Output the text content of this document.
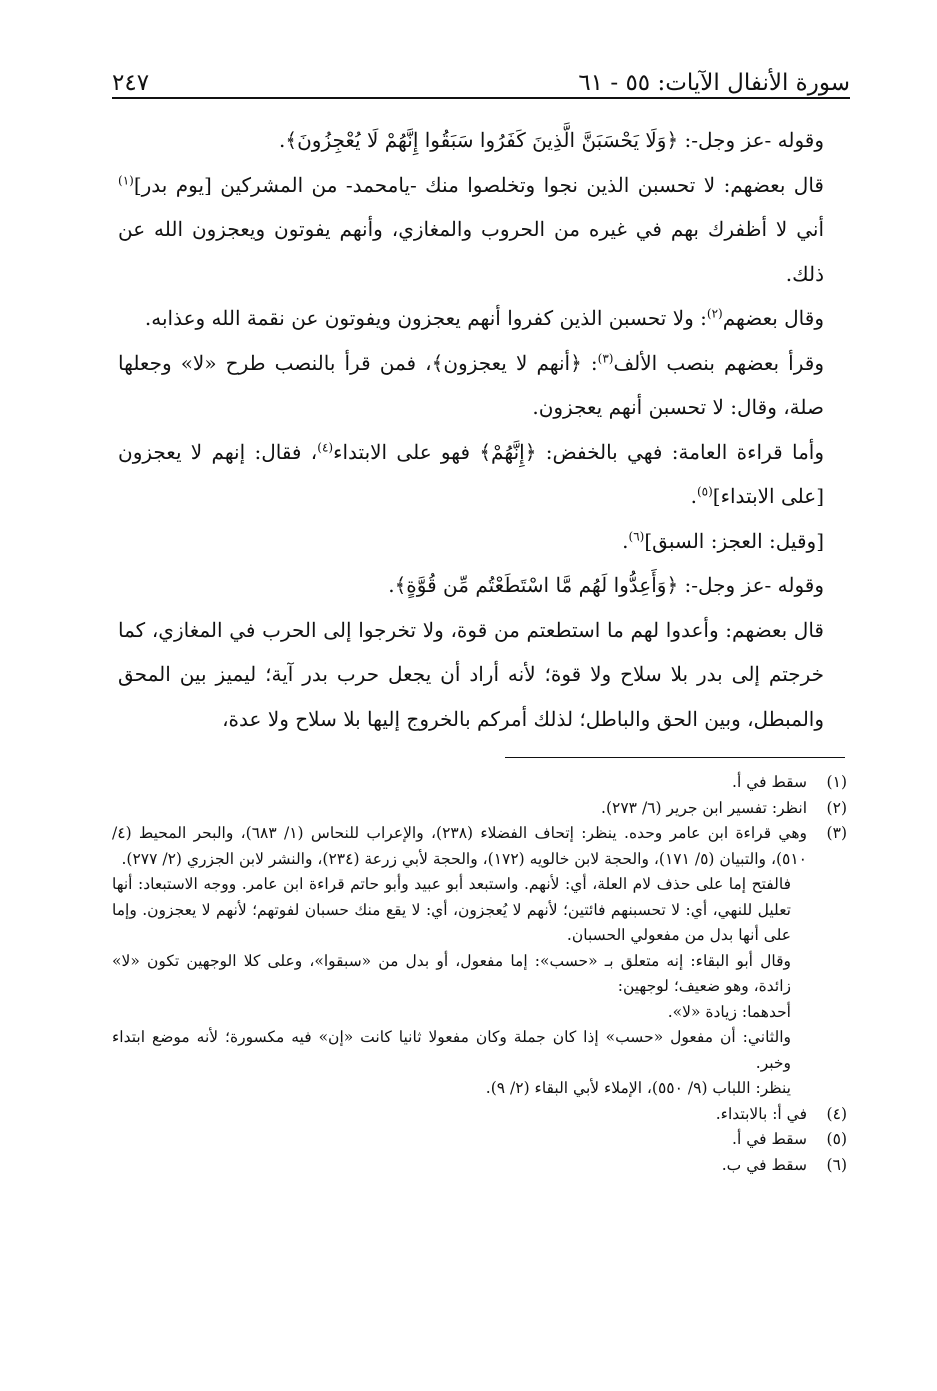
سورة الأنفال الآيات: ٥٥ - ٦١
٢٤٧

وقوله -عز وجل-: ﴿وَلَا يَحْسَبَنَّ الَّذِينَ كَفَرُوا سَبَقُوا إِنَّهُمْ لَا يُعْجِزُونَ﴾.

قال بعضهم: لا تحسبن الذين نجوا وتخلصوا منك -يامحمد- من المشركين [يوم بدر]$^{(١)}$ أني لا أظفرك بهم في غيره من الحروب والمغازي، وأنهم يفوتون ويعجزون الله عن ذلك.

وقال بعضهم$^{(٢)}$: ولا تحسبن الذين كفروا أنهم يعجزون ويفوتون عن نقمة الله وعذابه.

وقرأ بعضهم بنصب الألف$^{(٣)}$: ﴿أنهم لا يعجزون﴾، فمن قرأ بالنصب طرح «لا» وجعلها صلة، وقال: لا تحسبن أنهم يعجزون.

وأما قراءة العامة: فهي بالخفض: ﴿إِنَّهُمْ﴾ فهو على الابتداء$^{(٤)}$، فقال: إنهم لا يعجزون [على الابتداء]$^{(٥)}$.

[وقيل: العجز: السبق]$^{(٦)}$.

وقوله -عز وجل-: ﴿وَأَعِدُّوا لَهُم مَّا اسْتَطَعْتُم مِّن قُوَّةٍ﴾.

قال بعضهم: وأعدوا لهم ما استطعتم من قوة، ولا تخرجوا إلى الحرب في المغازي، كما خرجتم إلى بدر بلا سلاح ولا قوة؛ لأنه أراد أن يجعل حرب بدر آية؛ ليميز بين المحق والمبطل، وبين الحق والباطل؛ لذلك أمركم بالخروج إليها بلا سلاح ولا عدة،

(١)
سقط في أ.
(٢)
انظر: تفسير ابن جرير (٦/ ٢٧٣).
(٣)
وهي قراءة ابن عامر وحده. ينظر: إتحاف الفضلاء (٢٣٨)، والإعراب للنحاس (١/ ٦٨٣)، والبحر المحيط (٤/ ٥١٠)، والتبيان (٥/ ١٧١)، والحجة لابن خالويه (١٧٢)، والحجة لأبي زرعة (٢٣٤)، والنشر لابن الجزري (٢/ ٢٧٧).

فالفتح إما على حذف لام العلة، أي: لأنهم. واستبعد أبو عبيد وأبو حاتم قراءة ابن عامر. ووجه الاستبعاد: أنها تعليل للنهي، أي: لا تحسبنهم فائتين؛ لأنهم لا يُعجزون، أي: لا يقع منك حسبان لفوتهم؛ لأنهم لا يعجزون. وإما على أنها بدل من مفعولي الحسبان.

وقال أبو البقاء: إنه متعلق بـ «حسب»: إما مفعول، أو بدل من «سبقوا»، وعلى كلا الوجهين تكون «لا» زائدة، وهو ضعيف؛ لوجهين:

أحدهما: زيادة «لا».

والثاني: أن مفعول «حسب» إذا كان جملة وكان مفعولا ثانيا كانت «إن» فيه مكسورة؛ لأنه موضع ابتداء وخبر.

ينظر: اللباب (٩/ ٥٥٠)، الإملاء لأبي البقاء (٢/ ٩).

(٤)
في أ: بالابتداء.
(٥)
سقط في أ.
(٦)
سقط في ب.
